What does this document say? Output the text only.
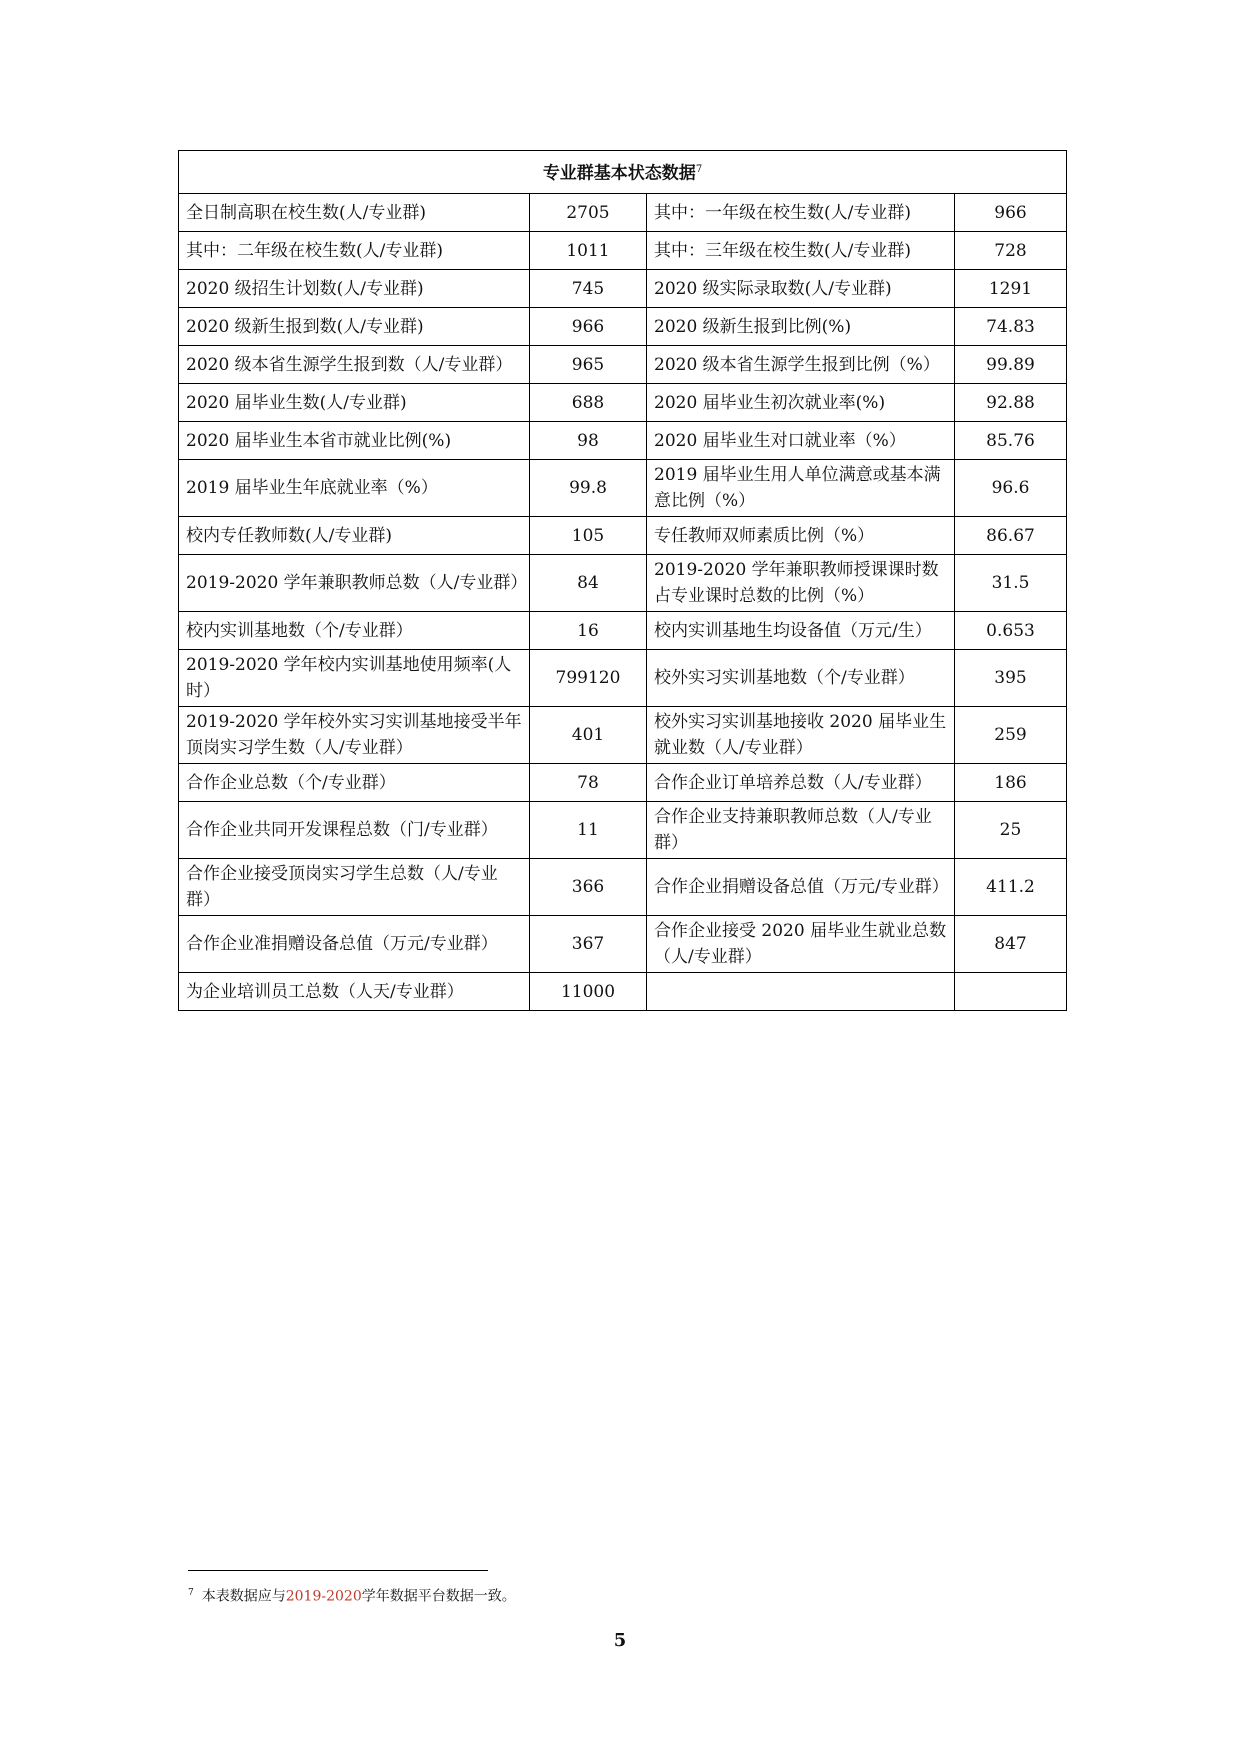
专业群基本状态数据$^7$
全日制高职在校生数(人/专业群)	2705	其中：一年级在校生数(人/专业群)	966
其中：二年级在校生数(人/专业群)	1011	其中：三年级在校生数(人/专业群)	728
2020 级招生计划数(人/专业群)	745	2020 级实际录取数(人/专业群)	1291
2020 级新生报到数(人/专业群)	966	2020 级新生报到比例(%)	74.83
2020 级本省生源学生报到数（人/专业群）	965	2020 级本省生源学生报到比例（%）	99.89
2020 届毕业生数(人/专业群)	688	2020 届毕业生初次就业率(%)	92.88
2020 届毕业生本省市就业比例(%)	98	2020 届毕业生对口就业率（%）	85.76
2019 届毕业生年底就业率（%）	99.8	2019 届毕业生用人单位满意或基本满意比例（%）	96.6
校内专任教师数(人/专业群)	105	专任教师双师素质比例（%）	86.67
2019-2020 学年兼职教师总数（人/专业群）	84	2019-2020 学年兼职教师授课课时数占专业课时总数的比例（%）	31.5
校内实训基地数（个/专业群）	16	校内实训基地生均设备值（万元/生）	0.653
2019-2020 学年校内实训基地使用频率(人时）	799120	校外实习实训基地数（个/专业群）	395
2019-2020 学年校外实习实训基地接受半年顶岗实习学生数（人/专业群）	401	校外实习实训基地接收 2020 届毕业生就业数（人/专业群）	259
合作企业总数（个/专业群）	78	合作企业订单培养总数（人/专业群）	186
合作企业共同开发课程总数（门/专业群）	11	合作企业支持兼职教师总数（人/专业群）	25
合作企业接受顶岗实习学生总数（人/专业群）	366	合作企业捐赠设备总值（万元/专业群）	411.2
合作企业准捐赠设备总值（万元/专业群）	367	合作企业接受 2020 届毕业生就业总数（人/专业群）	847
为企业培训员工总数（人天/专业群）	11000		
$^7$ 本表数据应与2019-2020学年数据平台数据一致。
5
